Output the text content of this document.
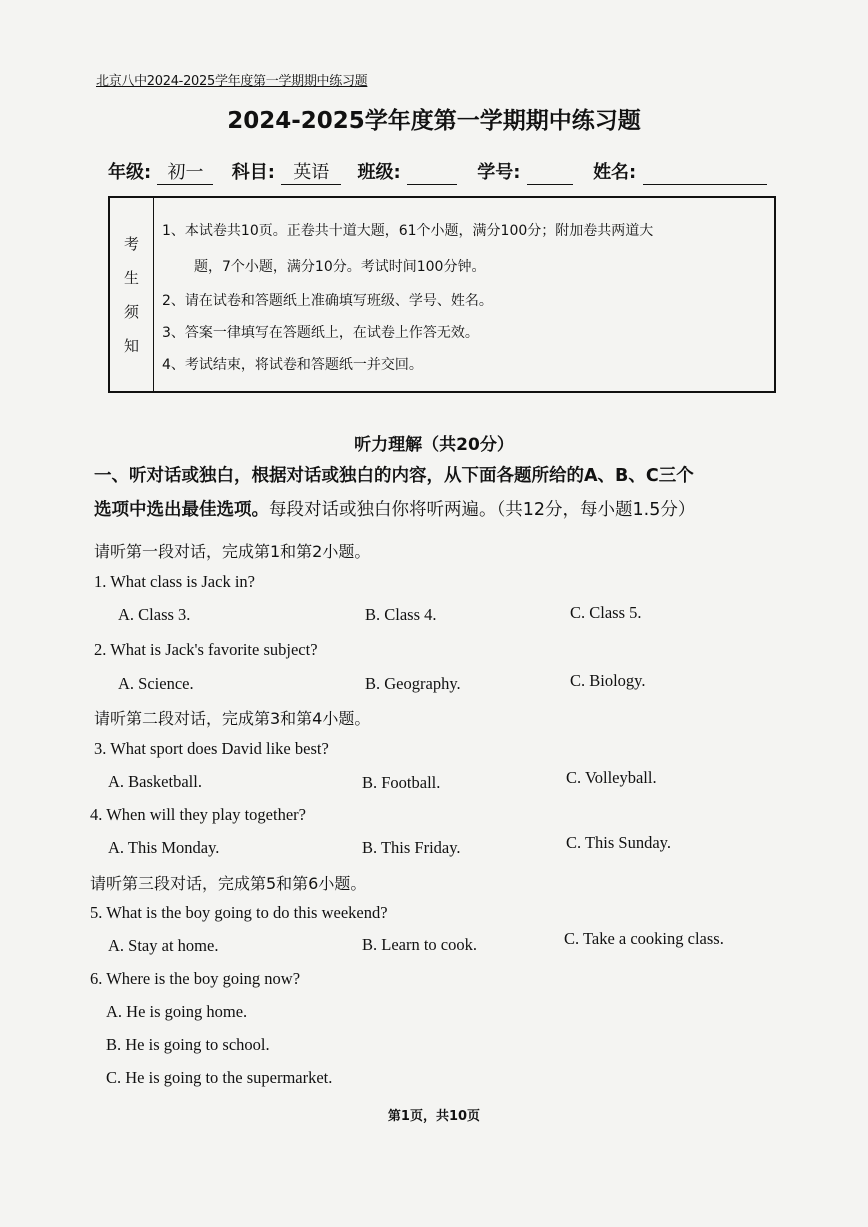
北京八中2024-2025学年度第一学期期中练习题
2024-2025学年度第一学期期中练习题
年级: 初一 科目: 英语 班级:	学号:	姓名:
考
生
须
知
1、本试卷共10页。正卷共十道大题，61个小题，满分100分；附加卷共两道大
题，7个小题，满分10分。考试时间100分钟。
2、请在试卷和答题纸上准确填写班级、学号、姓名。
3、答案一律填写在答题纸上，在试卷上作答无效。
4、考试结束，将试卷和答题纸一并交回。
听力理解（共20分）
一、听对话或独白，根据对话或独白的内容，从下面各题所给的A、B、C三个
选项中选出最佳选项。每段对话或独白你将听两遍。（共12分，每小题1.5分）
请听第一段对话，完成第1和第2小题。
1. What class is Jack in?
A. Class 3.	B. Class 4.	C. Class 5.
2. What is Jack's favorite subject?
A. Science.	B. Geography.	C. Biology.
请听第二段对话，完成第3和第4小题。
3. What sport does David like best?
A. Basketball.	B. Football.	C. Volleyball.
4. When will they play together?
A. This Monday.	B. This Friday.	C. This Sunday.
请听第三段对话，完成第5和第6小题。
5. What is the boy going to do this weekend?
A. Stay at home.	B. Learn to cook.	C. Take a cooking class.
6. Where is the boy going now?
A. He is going home.
B. He is going to school.
C. He is going to the supermarket.
第1页，共10页
